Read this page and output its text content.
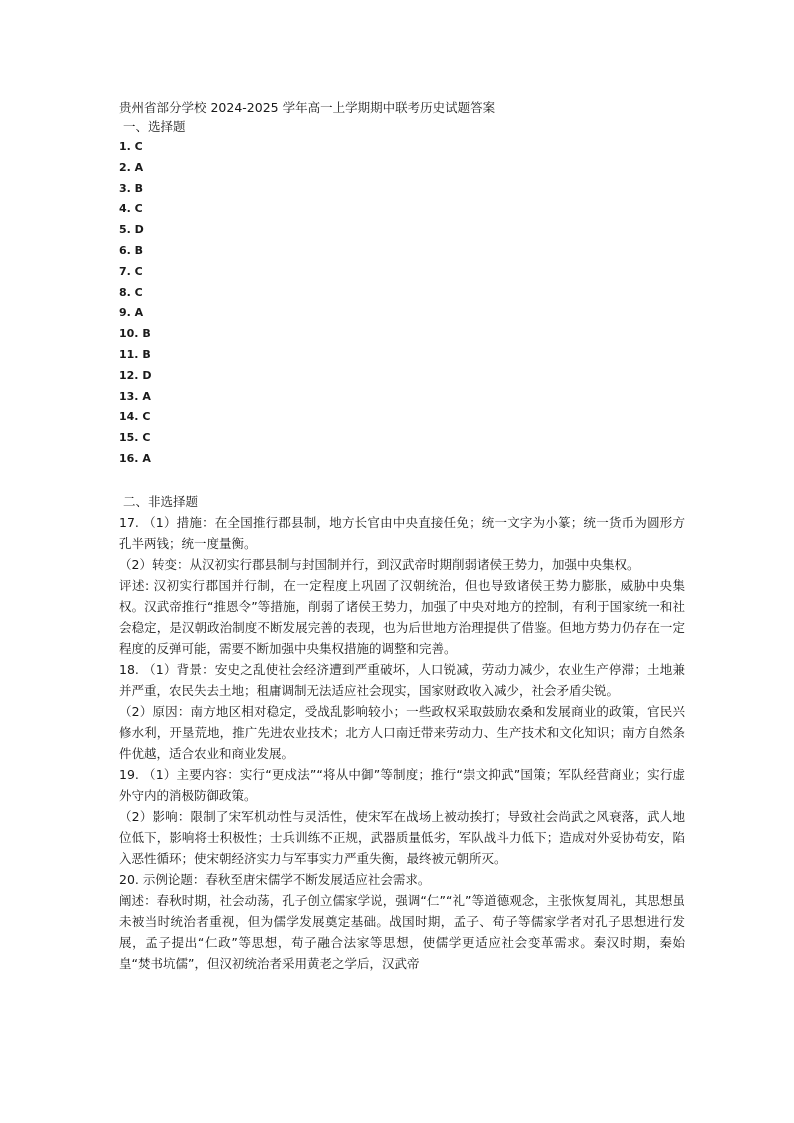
贵州省部分学校 2024-2025 学年高一上学期期中联考历史试题答案

一、选择题

1. C
2. A
3. B
4. C
5. D
6. B
7. C
8. C
9. A
10. B
11. B
12. D
13. A
14. C
15. C
16. A

二、非选择题

17. （1）措施：在全国推行郡县制，地方长官由中央直接任免；统一文字为小篆；统一货币为圆形方孔半两钱；统一度量衡。

（2）转变：从汉初实行郡县制与封国制并行，到汉武帝时期削弱诸侯王势力，加强中央集权。

评述: 汉初实行郡国并行制，在一定程度上巩固了汉朝统治，但也导致诸侯王势力膨胀，威胁中央集权。汉武帝推行“推恩令”等措施，削弱了诸侯王势力，加强了中央对地方的控制，有利于国家统一和社会稳定，是汉朝政治制度不断发展完善的表现，也为后世地方治理提供了借鉴。但地方势力仍存在一定程度的反弹可能，需要不断加强中央集权措施的调整和完善。

18. （1）背景：安史之乱使社会经济遭到严重破坏，人口锐减，劳动力减少，农业生产停滞；土地兼并严重，农民失去土地；租庸调制无法适应社会现实，国家财政收入减少，社会矛盾尖锐。

（2）原因：南方地区相对稳定，受战乱影响较小；一些政权采取鼓励农桑和发展商业的政策，官民兴修水利，开垦荒地，推广先进农业技术；北方人口南迁带来劳动力、生产技术和文化知识；南方自然条件优越，适合农业和商业发展。

19. （1）主要内容：实行“更戍法”“将从中御”等制度；推行“崇文抑武”国策；军队经营商业；实行虚外守内的消极防御政策。

（2）影响：限制了宋军机动性与灵活性，使宋军在战场上被动挨打；导致社会尚武之风衰落，武人地位低下，影响将士积极性；士兵训练不正规，武器质量低劣，军队战斗力低下；造成对外妥协苟安，陷入恶性循环；使宋朝经济实力与军事实力严重失衡，最终被元朝所灭。

20. 示例论题：春秋至唐宋儒学不断发展适应社会需求。

阐述：春秋时期，社会动荡，孔子创立儒家学说，强调“仁”“礼”等道德观念，主张恢复周礼，其思想虽未被当时统治者重视，但为儒学发展奠定基础。战国时期，孟子、荀子等儒家学者对孔子思想进行发展，孟子提出“仁政”等思想，荀子融合法家等思想，使儒学更适应社会变革需求。秦汉时期，秦始皇“焚书坑儒”，但汉初统治者采用黄老之学后，汉武帝
